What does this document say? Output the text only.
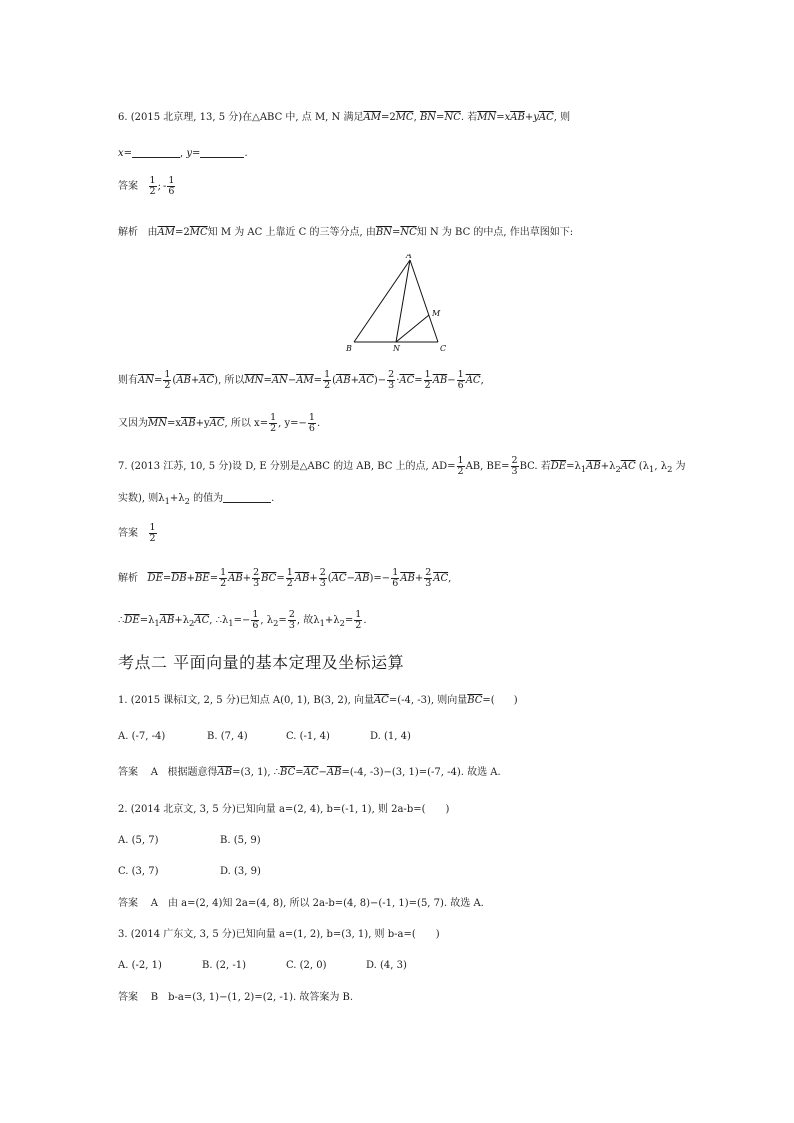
6. (2015 北京理, 13, 5 分)在△ABC 中, 点 M, N 满足$\overline{AM}=2\overline{MC}$, $\overline{BN}=\overline{NC}$. 若$\overline{MN}=x\overline{AB}+y\overline{AC}$, 则
x=	, y=	.
答案 $\frac{1}{2}$ ; - $\frac{1}{6}$
解析   由$\overline{AM}=2\overline{MC}$知 M 为 AC 上靠近 C 的三等分点, 由$\overline{BN}=\overline{NC}$知 N 为 BC 的中点, 作出草图如下:
A
B	N	C
M
则有$\overline{AN}= \frac{1}{2} (\overline{AB}+\overline{AC})$, 所以$\overline{MN}=\overline{AN}-\overline{AM}= \frac{1}{2} (\overline{AB}+\overline{AC})- \frac{2}{3} \cdot\overline{AC}= \frac{1}{2} \overline{AB}- \frac{1}{6} \overline{AC}$,
又因为$\overline{MN}=x\overline{AB}+y\overline{AC}$, 所以 $x= \frac{1}{2}$ , $y=- \frac{1}{6}$ .
7. (2013 江苏, 10, 5 分)设 D, E 分别是△ABC 的边 AB, BC 上的点, $AD= \frac{1}{2}$ AB, $BE= \frac{2}{3}$ BC. 若$\overline{DE}=\lambda_1\overline{AB}+\lambda_2\overline{AC}$ ($\lambda_1$, $\lambda_2$ 为
实数), 则$\lambda_1+\lambda_2$ 的值为	.
答案 $\frac{1}{2}$
解析 $\overline{DE}=\overline{DB}+\overline{BE}= \frac{1}{2} \overline{AB}+ \frac{2}{3} \overline{BC}= \frac{1}{2} \overline{AB}+ \frac{2}{3} (\overline{AC}-\overline{AB})=- \frac{1}{6} \overline{AB}+ \frac{2}{3} \overline{AC}$,
$\therefore\overline{DE}=\lambda_1\overline{AB}+\lambda_2\overline{AC}$, $\therefore\lambda_1=- \frac{1}{6}$ , $\lambda_2= \frac{2}{3}$ , 故$\lambda_1+\lambda_2= \frac{1}{2}$ .
考点二 平面向量的基本定理及坐标运算
1. (2015 课标Ⅰ文, 2, 5 分)已知点 A(0, 1), B(3, 2), 向量$\overline{AC}=(-4$, -3), 则向量$\overline{BC}=$(      )
A. (-7, -4)	B. (7, 4)	C. (-1, 4)	D. (1, 4)
答案    A   根据题意得$\overline{AB}=(3$, 1), $\therefore\overline{BC}=\overline{AC}-\overline{AB}=(-4$, -3)−(3, 1)=(-7, -4). 故选 A.
2. (2014 北京文, 3, 5 分)已知向量 a=(2, 4), b=(-1, 1), 则 2a-b=(　　)
A. (5, 7)	B. (5, 9)
C. (3, 7)	D. (3, 9)
答案 A　由 a=(2, 4)知 2a=(4, 8), 所以 2a-b=(4, 8)−(-1, 1)=(5, 7). 故选 A.
3. (2014 广东文, 3, 5 分)已知向量 a=(1, 2), b=(3, 1), 则 b-a=(　　)
A. (-2, 1)	B. (2, -1)	C. (2, 0)	D. (4, 3)
答案 B　b-a=(3, 1)−(1, 2)=(2, -1). 故答案为 B.
